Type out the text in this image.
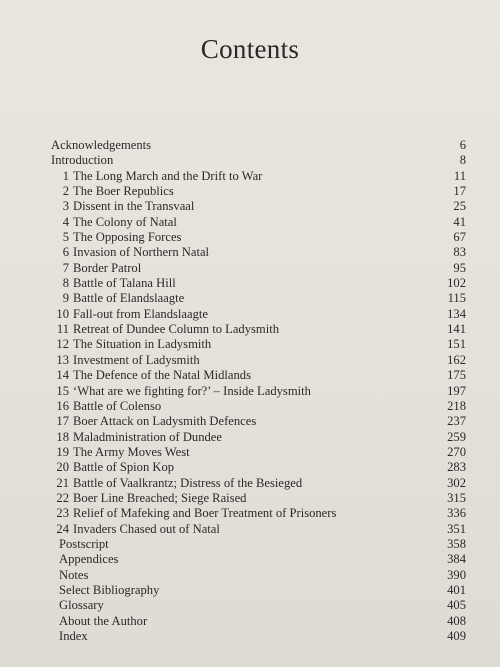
Contents
Acknowledgements	6
Introduction	8
1 The Long March and the Drift to War	11
2 The Boer Republics	17
3 Dissent in the Transvaal	25
4 The Colony of Natal	41
5 The Opposing Forces	67
6 Invasion of Northern Natal	83
7 Border Patrol	95
8 Battle of Talana Hill	102
9 Battle of Elandslaagte	115
10 Fall-out from Elandslaagte	134
11 Retreat of Dundee Column to Ladysmith	141
12 The Situation in Ladysmith	151
13 Investment of Ladysmith	162
14 The Defence of the Natal Midlands	175
15 ‘What are we fighting for?’ – Inside Ladysmith	197
16 Battle of Colenso	218
17 Boer Attack on Ladysmith Defences	237
18 Maladministration of Dundee	259
19 The Army Moves West	270
20 Battle of Spion Kop	283
21 Battle of Vaalkrantz; Distress of the Besieged	302
22 Boer Line Breached; Siege Raised	315
23 Relief of Mafeking and Boer Treatment of Prisoners	336
24 Invaders Chased out of Natal	351
Postscript	358
Appendices	384
Notes	390
Select Bibliography	401
Glossary	405
About the Author	408
Index	409
